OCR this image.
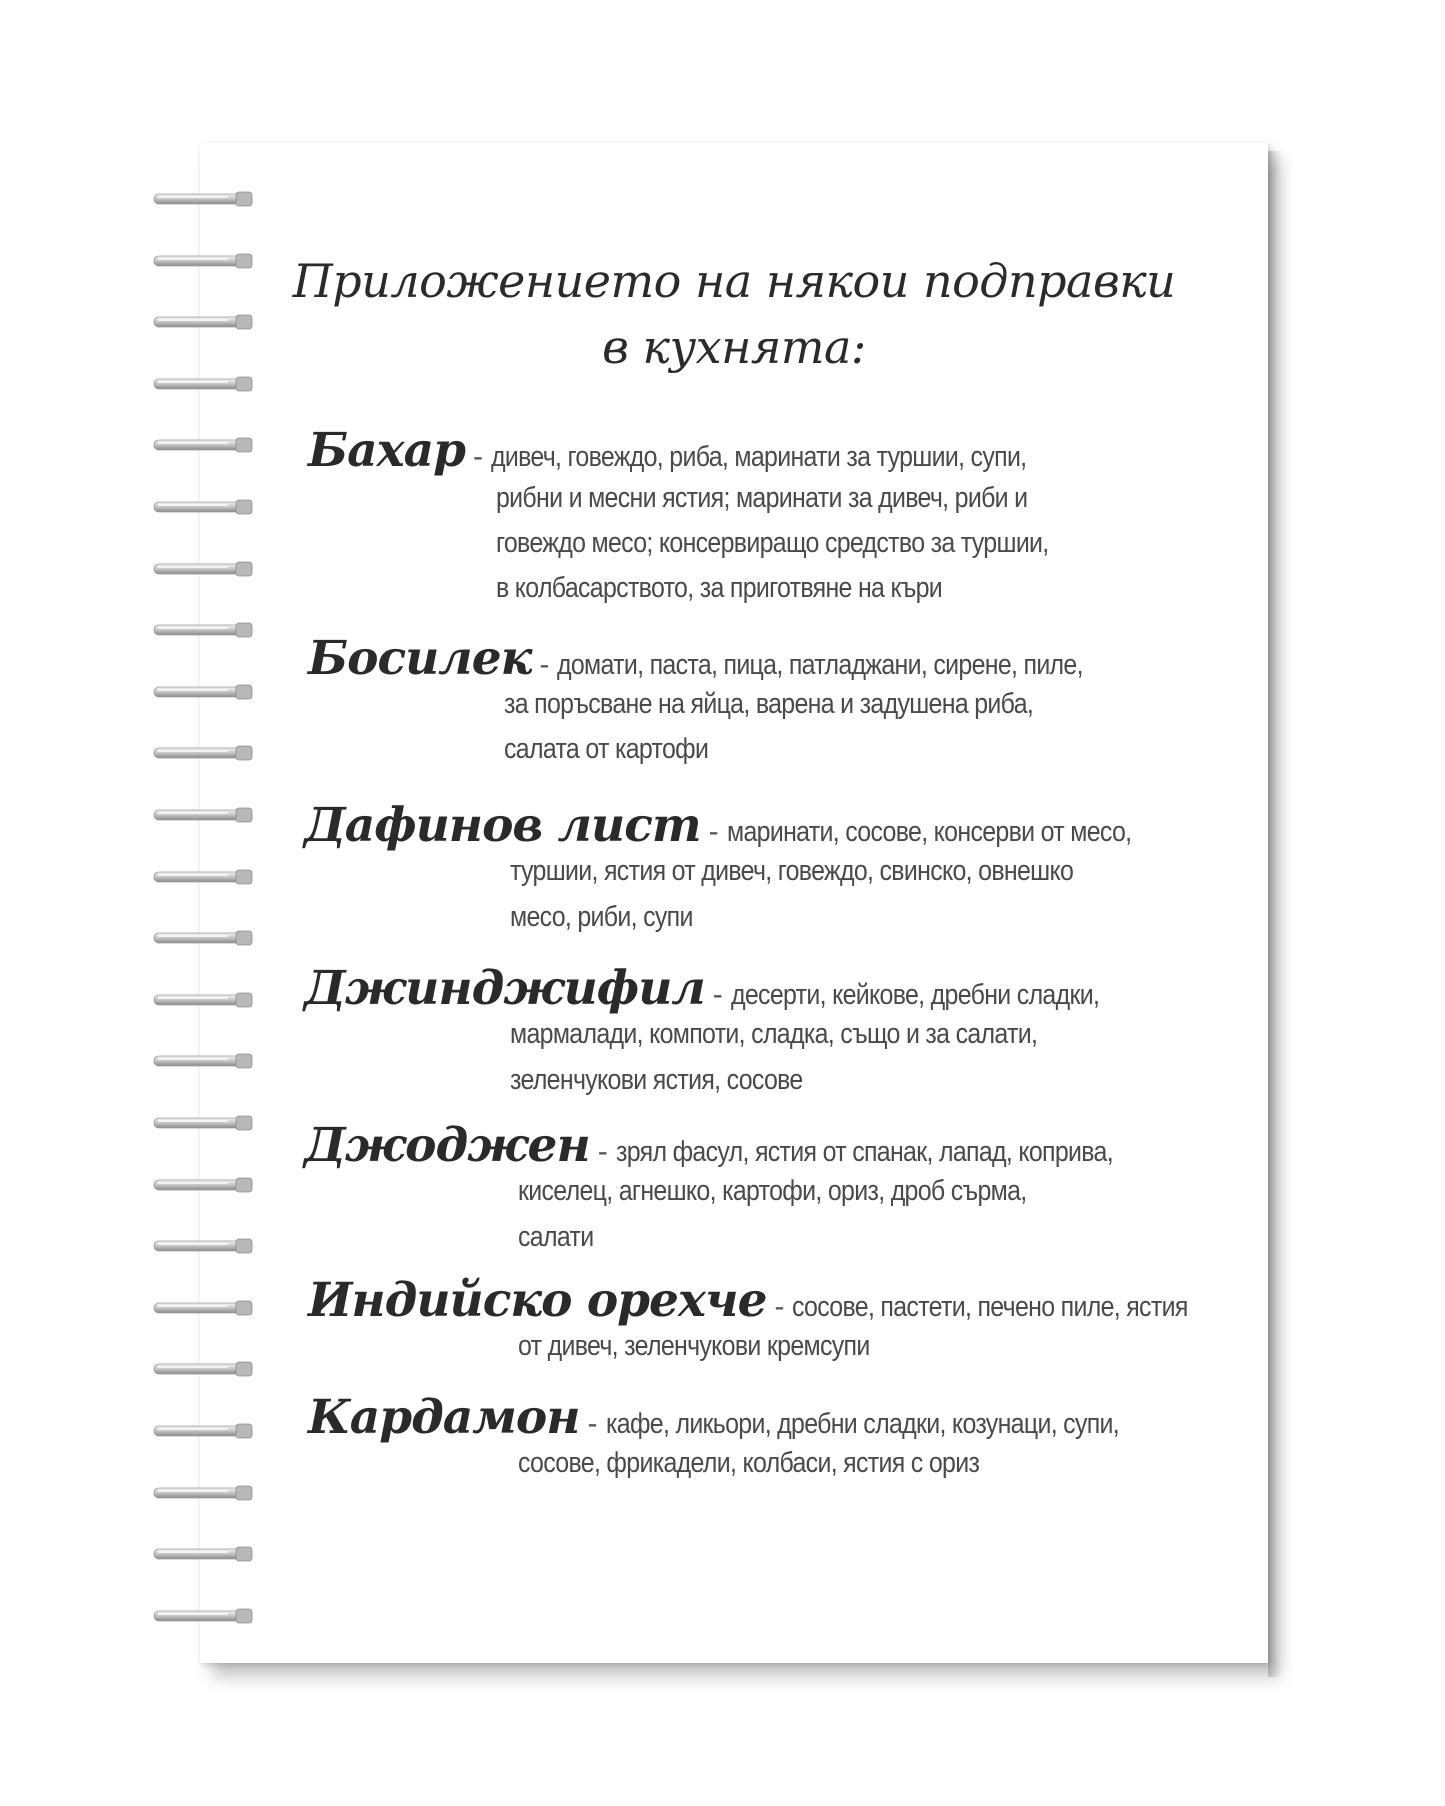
Приложението на някои подправки
в кухнята:
Бахар - дивеч, говеждо, риба, маринати за туршии, супи,
рибни и месни ястия; маринати за дивеч, риби и
говеждо месо; консервиращо средство за туршии,
в колбасарството, за приготвяне на къри
Босилек - домати, паста, пица, патладжани, сирене, пиле,
за поръсване на яйца, варена и задушена риба,
салата от картофи
Дафинов лист - маринати, сосове, консерви от месо,
туршии, ястия от дивеч, говеждо, свинско, овнешко
месо, риби, супи
Джинджифил - десерти, кейкове, дребни сладки,
мармалади, компоти, сладка, също и за салати,
зеленчукови ястия, сосове
Джоджен - зрял фасул, ястия от спанак, лапад, коприва,
киселец, агнешко, картофи, ориз, дроб сърма,
салати
Индийско орехче - сосове, пастети, печено пиле, ястия
от дивеч, зеленчукови кремсупи
Кардамон - кафе, ликьори, дребни сладки, козунаци, супи,
сосове, фрикадели, колбаси, ястия с ориз
